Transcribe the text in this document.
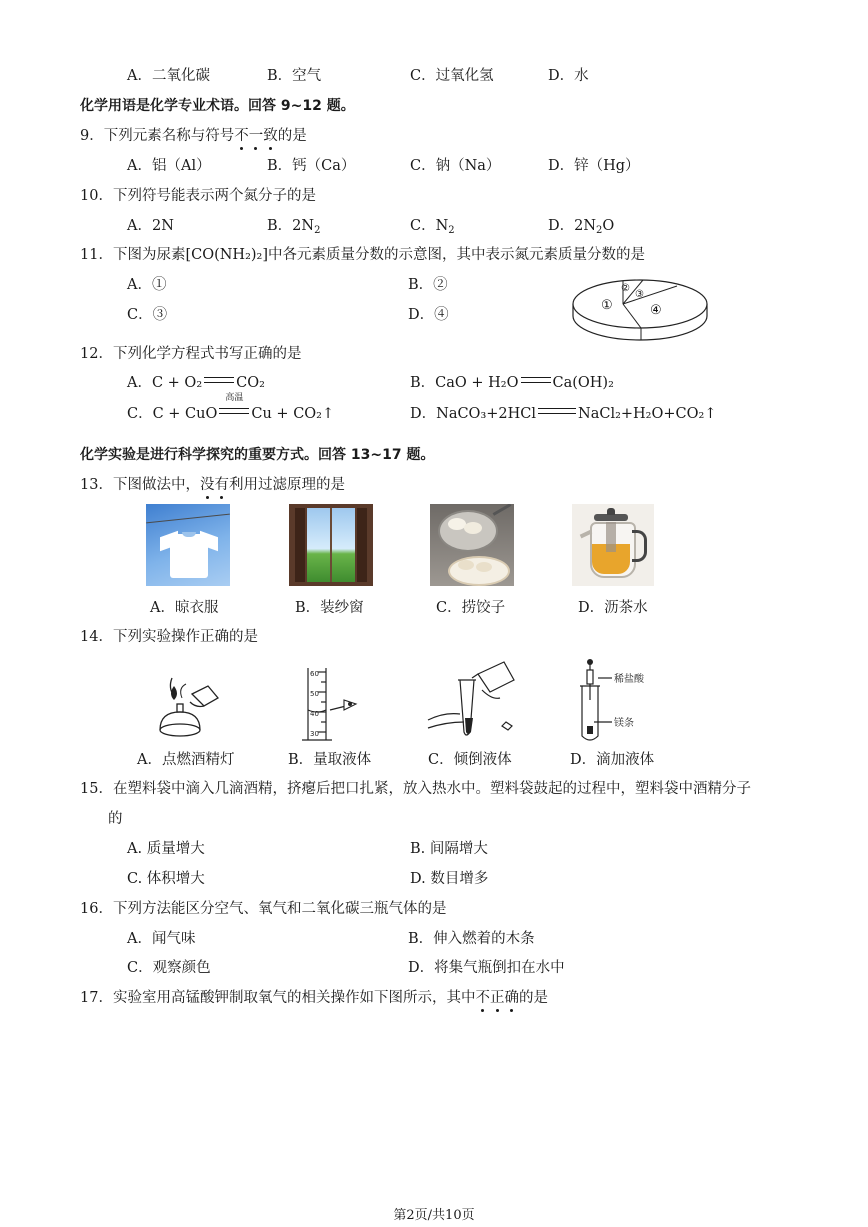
A．二氧化碳	B．空气	C．过氧化氢	D．水
化学用语是化学专业术语。回答 9~12 题。
9．下列元素名称与符号不一致的是
A．铝（Al）	B．钙（Ca）	C．钠（Na）	D．锌（Hg）
10．下列符号能表示两个氮分子的是
A．2N	B．$2N_2$	C．$N_2$	D．$2N_2O$
11．下图为尿素[CO(NH₂)₂]中各元素质量分数的示意图，其中表示氮元素质量分数的是
A．①	B．②
C．③	D．④
①
②
③
④
12．下列化学方程式书写正确的是
A．C + O₂ CO₂	B．CaO + H₂O Ca(OH)₂
C．C + CuO
高温
Cu + CO₂↑	D．NaCO₃+2HCl	NaCl₂+H₂O+CO₂↑
化学实验是进行科学探究的重要方式。回答 13~17 题。
13．下图做法中，没有利用过滤原理的是
A．晾衣服	B．装纱窗	C．捞饺子	D．沥茶水
14．下列实验操作正确的是
60
50
40
30
稀盐酸
镁条
A．点燃酒精灯	B．量取液体	C．倾倒液体	D．滴加液体
15．在塑料袋中滴入几滴酒精，挤瘪后把口扎紧，放入热水中。塑料袋鼓起的过程中，塑料袋中酒精分子
的
A. 质量增大	B. 间隔增大
C. 体积增大	D. 数目增多
16．下列方法能区分空气、氧气和二氧化碳三瓶气体的是
A．闻气味	B．伸入燃着的木条
C．观察颜色	D．将集气瓶倒扣在水中
17．实验室用高锰酸钾制取氧气的相关操作如下图所示，其中不正确的是
第2页/共10页
